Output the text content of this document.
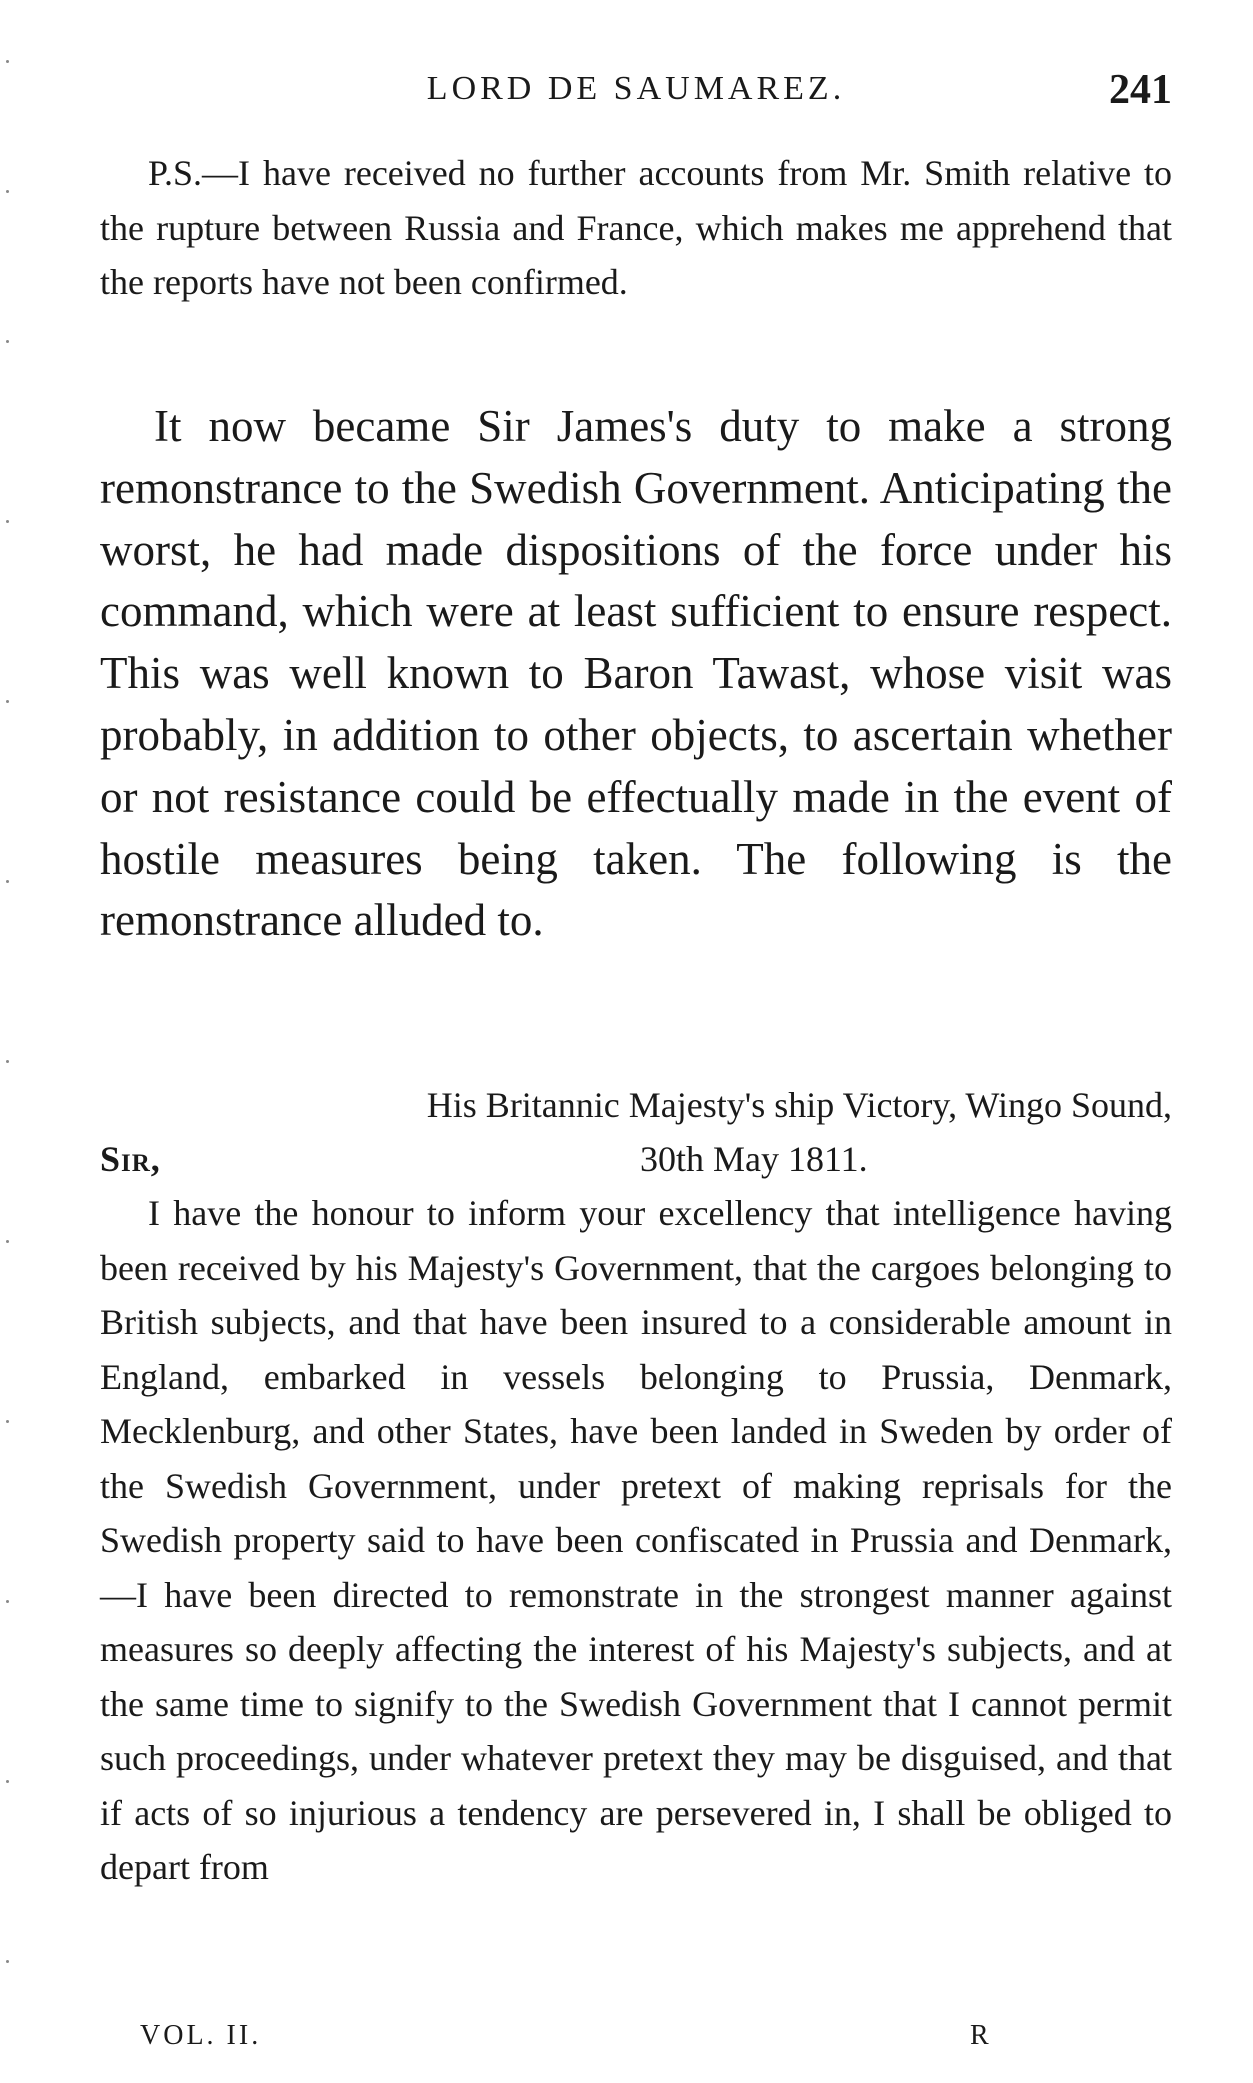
LORD DE SAUMAREZ.	241
P.S.—I have received no further accounts from Mr. Smith relative to the rupture between Russia and France, which makes me apprehend that the reports have not been confirmed.
It now became Sir James's duty to make a strong remonstrance to the Swedish Government. Anticipating the worst, he had made dispositions of the force under his command, which were at least sufficient to ensure respect. This was well known to Baron Tawast, whose visit was probably, in addition to other objects, to ascertain whether or not resistance could be effectually made in the event of hostile measures being taken. The following is the remonstrance alluded to.
His Britannic Majesty's ship Victory, Wingo Sound,
Sir,	30th May 1811.
I have the honour to inform your excellency that intelligence having been received by his Majesty's Government, that the cargoes belonging to British subjects, and that have been insured to a considerable amount in England, embarked in vessels belonging to Prussia, Denmark, Mecklenburg, and other States, have been landed in Sweden by order of the Swedish Government, under pretext of making reprisals for the Swedish property said to have been confiscated in Prussia and Denmark,—I have been directed to remonstrate in the strongest manner against measures so deeply affecting the interest of his Majesty's subjects, and at the same time to signify to the Swedish Government that I cannot permit such proceedings, under whatever pretext they may be disguised, and that if acts of so injurious a tendency are persevered in, I shall be obliged to depart from
VOL. II.	R
